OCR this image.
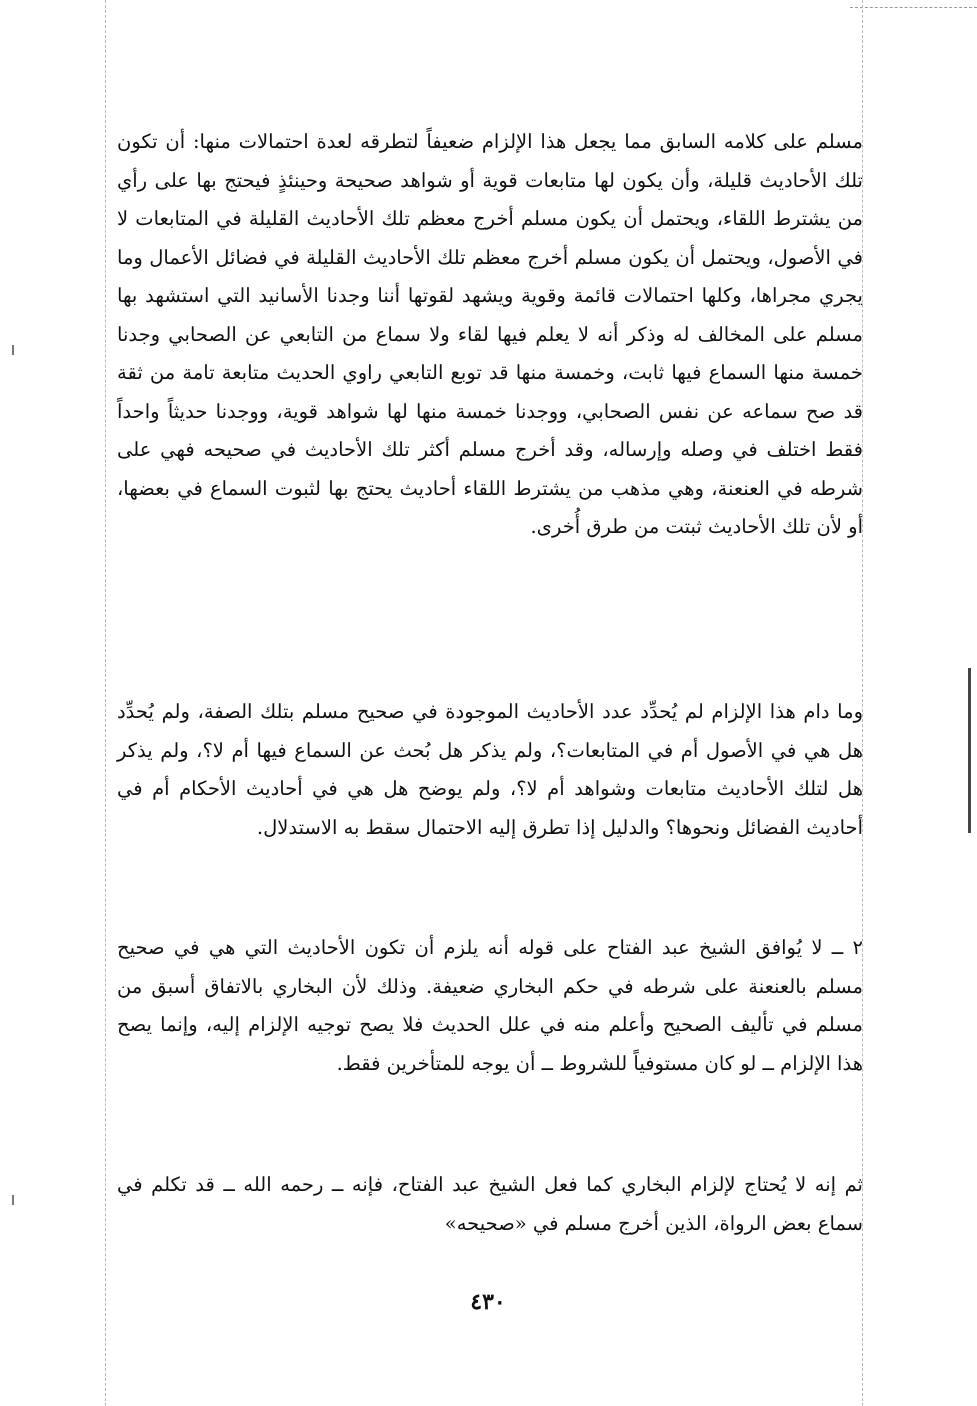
مسلم على كلامه السابق مما يجعل هذا الإلزام ضعيفاً لتطرقه لعدة احتمالات منها: أن تكون تلك الأحاديث قليلة، وأن يكون لها متابعات قوية أو شواهد صحيحة وحينئذٍ فيحتج بها على رأي من يشترط اللقاء، ويحتمل أن يكون مسلم أخرج معظم تلك الأحاديث القليلة في المتابعات لا في الأصول، ويحتمل أن يكون مسلم أخرج معظم تلك الأحاديث القليلة في فضائل الأعمال وما يجري مجراها، وكلها احتمالات قائمة وقوية ويشهد لقوتها أننا وجدنا الأسانيد التي استشهد بها مسلم على المخالف له وذكر أنه لا يعلم فيها لقاء ولا سماع من التابعي عن الصحابي وجدنا خمسة منها السماع فيها ثابت، وخمسة منها قد توبع التابعي راوي الحديث متابعة تامة من ثقة قد صح سماعه عن نفس الصحابي، ووجدنا خمسة منها لها شواهد قوية، ووجدنا حديثاً واحداً فقط اختلف في وصله وإرساله، وقد أخرج مسلم أكثر تلك الأحاديث في صحيحه فهي على شرطه في العنعنة، وهي مذهب من يشترط اللقاء أحاديث يحتج بها لثبوت السماع في بعضها، أو لأن تلك الأحاديث ثبتت من طرق أُخرى.

وما دام هذا الإلزام لم يُحدِّد عدد الأحاديث الموجودة في صحيح مسلم بتلك الصفة، ولم يُحدِّد هل هي في الأصول أم في المتابعات؟، ولم يذكر هل بُحث عن السماع فيها أم لا؟، ولم يذكر هل لتلك الأحاديث متابعات وشواهد أم لا؟، ولم يوضح هل هي في أحاديث الأحكام أم في أحاديث الفضائل ونحوها؟ والدليل إذا تطرق إليه الاحتمال سقط به الاستدلال.

٢ ــ لا يُوافق الشيخ عبد الفتاح على قوله أنه يلزم أن تكون الأحاديث التي هي في صحيح مسلم بالعنعنة على شرطه في حكم البخاري ضعيفة. وذلك لأن البخاري بالاتفاق أسبق من مسلم في تأليف الصحيح وأعلم منه في علل الحديث فلا يصح توجيه الإلزام إليه، وإنما يصح هذا الإلزام ــ لو كان مستوفياً للشروط ــ أن يوجه للمتأخرين فقط.

ثم إنه لا يُحتاج لإلزام البخاري كما فعل الشيخ عبد الفتاح، فإنه ــ رحمه الله ــ قد تكلم في سماع بعض الرواة، الذين أخرج مسلم في «صحيحه»

٤٣٠
